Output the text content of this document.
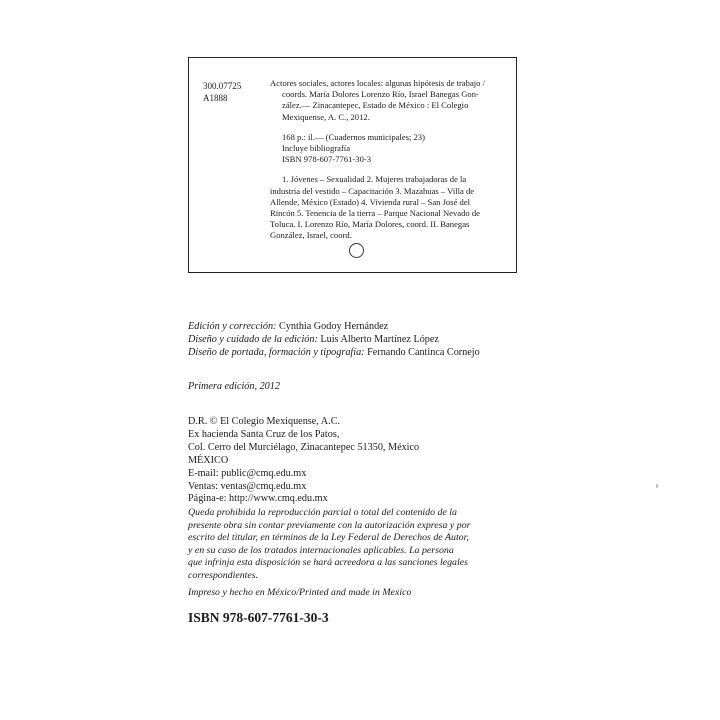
300.07725
A1888

Actores sociales, actores locales: algunas hipótesis de trabajo /

coords. María Dolores Lorenzo Río, Israel Banegas Gon-

zález.— Zinacantepec, Estado de México : El Colegio

Mexiquense, A. C., 2012.

168 p.: il.— (Cuadernos municipales; 23)

Incluye bibliografía

ISBN 978-607-7761-30-3

1. Jóvenes – Sexualidad 2. Mujeres trabajadoras de la

industria del vestido – Capacitación 3. Mazahuas – Villa de

Allende, México (Estado) 4. Vivienda rural – San José del

Rincón 5. Tenencia de la tierra – Parque Nacional Nevado de

Toluca. I. Lorenzo Río, María Dolores, coord. II. Banegas

González, Israel, coord.

Edición y corrección: Cynthia Godoy Hernández
Diseño y cuidado de la edición: Luis Alberto Martínez López
Diseño de portada, formación y tipografía: Fernando Cantinca Cornejo
Primera edición, 2012
D.R. © El Colegio Mexiquense, A.C.
Ex hacienda Santa Cruz de los Patos,
Col. Cerro del Murciélago, Zinacantepec 51350, México
MÉXICO
E-mail: public@cmq.edu.mx
Ventas: ventas@cmq.edu.mx
Página-e: http://www.cmq.edu.mx
Queda prohibida la reproducción parcial o total del contenido de la
presente obra sin contar previamente con la autorización expresa y por
escrito del titular, en términos de la Ley Federal de Derechos de Autor,
y en su caso de los tratados internacionales aplicables. La persona
que infrinja esta disposición se hará acreedora a las sanciones legales
correspondientes.
Impreso y hecho en México/Printed and made in Mexico
ISBN 978-607-7761-30-3
